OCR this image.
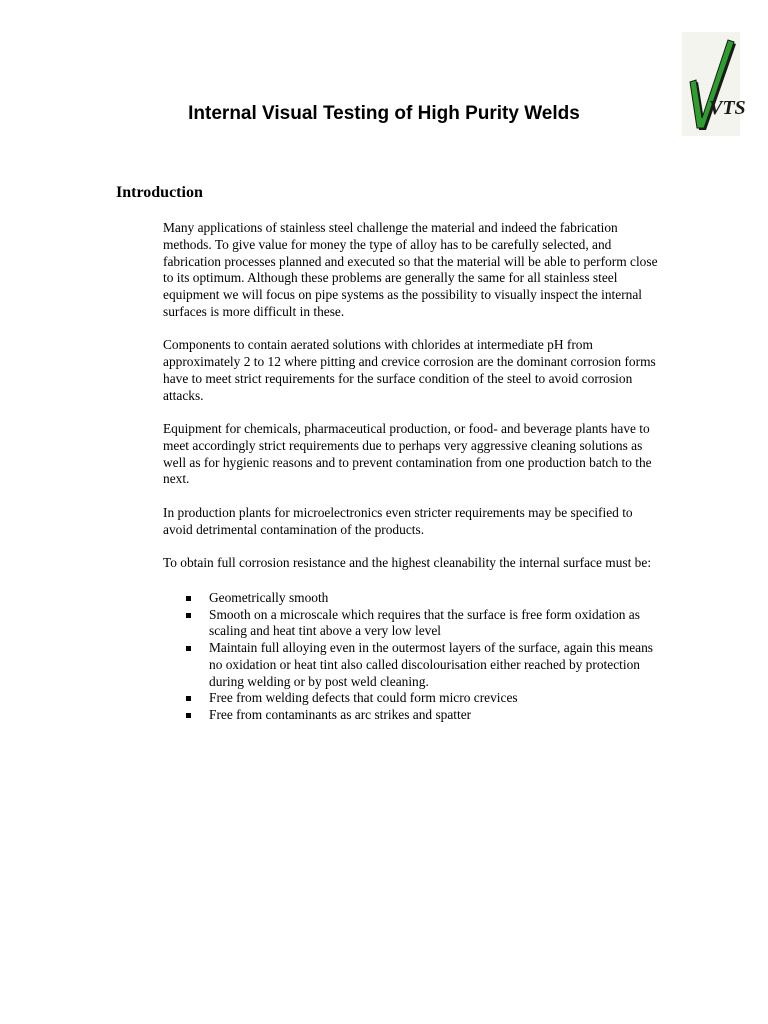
VTS
Internal Visual Testing of High Purity Welds
Introduction

Many applications of stainless steel challenge the material and indeed the fabrication methods. To give value for money the type of alloy has to be carefully selected, and fabrication processes planned and executed so that the material will be able to perform close to its optimum. Although these problems are generally the same for all stainless steel equipment we will focus on pipe systems as the possibility to visually inspect the internal surfaces is more difficult in these.

Components to contain aerated solutions with chlorides at intermediate pH from approximately 2 to 12 where pitting and crevice corrosion are the dominant corrosion forms have to meet strict requirements for the surface condition of the steel to avoid corrosion attacks.

Equipment for chemicals, pharmaceutical production, or food- and beverage plants have to meet accordingly strict requirements due to perhaps very aggressive cleaning solutions as well as for hygienic reasons and to prevent contamination from one production batch to the next.

In production plants for microelectronics even stricter requirements may be specified to avoid detrimental contamination of the products.

To obtain full corrosion resistance and the highest cleanability the internal surface must be:

Geometrically smooth
Smooth on a microscale which requires that the surface is free form oxidation as scaling and heat tint above a very low level
Maintain full alloying even in the outermost layers of the surface, again this means no oxidation or heat tint also called discolourisation either reached by protection during welding or by post weld cleaning.
Free from welding defects that could form micro crevices
Free from contaminants as arc strikes and spatter
